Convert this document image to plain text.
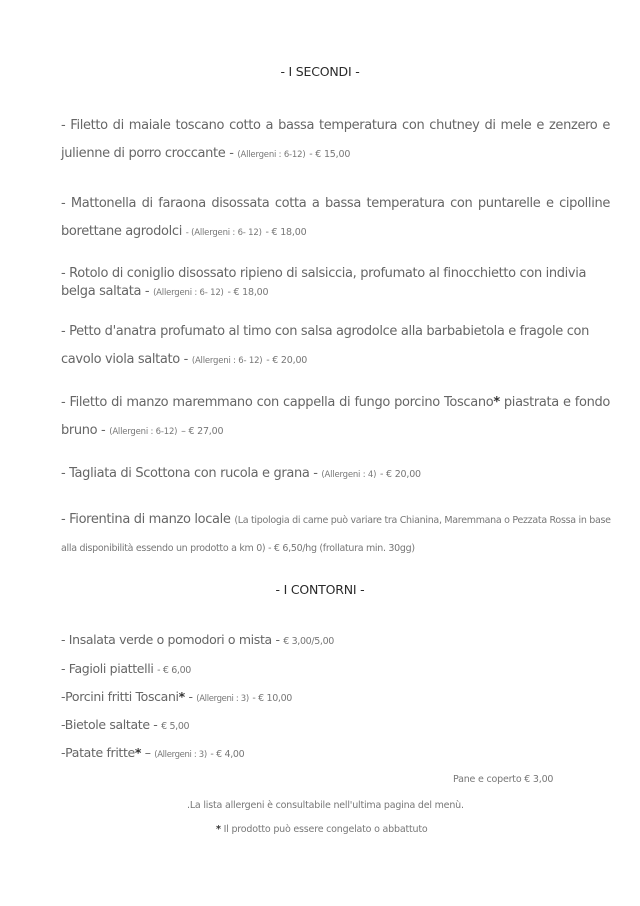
- I SECONDI -
- Filetto di maiale toscano cotto a bassa temperatura con chutney di mele e zenzero e julienne di porro croccante - (Allergeni : 6-12) - € 15,00
- Mattonella di faraona disossata cotta a bassa temperatura con puntarelle e cipolline borettane agrodolci - (Allergeni : 6- 12) - € 18,00
- Rotolo di coniglio disossato ripieno di salsiccia, profumato al finocchietto con indivia belga saltata - (Allergeni : 6- 12) - € 18,00
- Petto d'anatra profumato al timo con salsa agrodolce alla barbabietola e fragole con cavolo viola saltato - (Allergeni : 6- 12) - € 20,00
- Filetto di manzo maremmano con cappella di fungo porcino Toscano* piastrata e fondo bruno - (Allergeni : 6-12) – € 27,00
- Tagliata di Scottona con rucola e grana - (Allergeni : 4) - € 20,00
- Fiorentina di manzo locale (La tipologia di carne può variare tra Chianina, Maremmana o Pezzata Rossa in base
alla disponibilità essendo un prodotto a km 0) - € 6,50/hg (frollatura min. 30gg)
- I CONTORNI -
- Insalata verde o pomodori o mista - € 3,00/5,00
- Fagioli piattelli - € 6,00
-Porcini fritti Toscani* - (Allergeni : 3) - € 10,00
-Bietole saltate - € 5,00
-Patate fritte* – (Allergeni : 3) - € 4,00
Pane e coperto € 3,00
.La lista allergeni è consultabile nell'ultima pagina del menù.
* Il prodotto può essere congelato o abbattuto
